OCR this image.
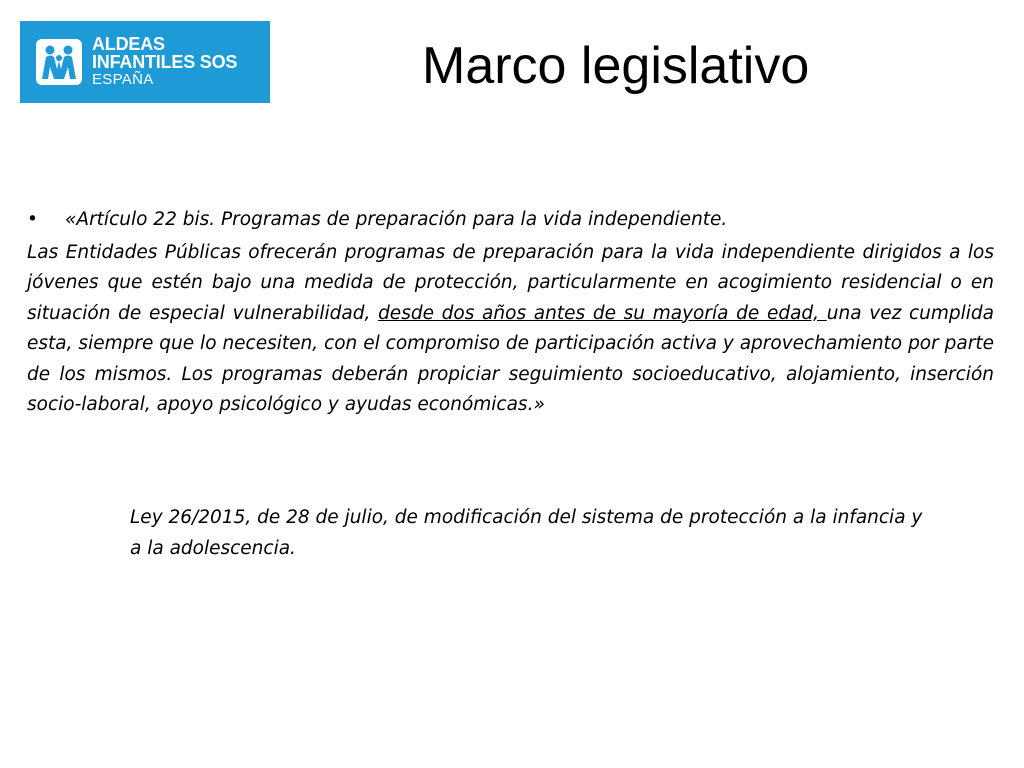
ALDEAS
INFANTILES SOS
ESPAÑA	Marco legislativo

• «Artículo 22 bis. Programas de preparación para la vida independiente.

Las Entidades Públicas ofrecerán programas de preparación para la vida independiente dirigidos a los jóvenes que estén bajo una medida de protección, particularmente en acogimiento residencial o en situación de especial vulnerabilidad, desde dos años antes de su mayoría de edad, una vez cumplida esta, siempre que lo necesiten, con el compromiso de participación activa y aprovechamiento por parte de los mismos. Los programas deberán propiciar seguimiento socioeducativo, alojamiento, inserción socio-laboral, apoyo psicológico y ayudas económicas.»

Ley 26/2015, de 28 de julio, de modificación del sistema de protección a la infancia y a la adolescencia.
